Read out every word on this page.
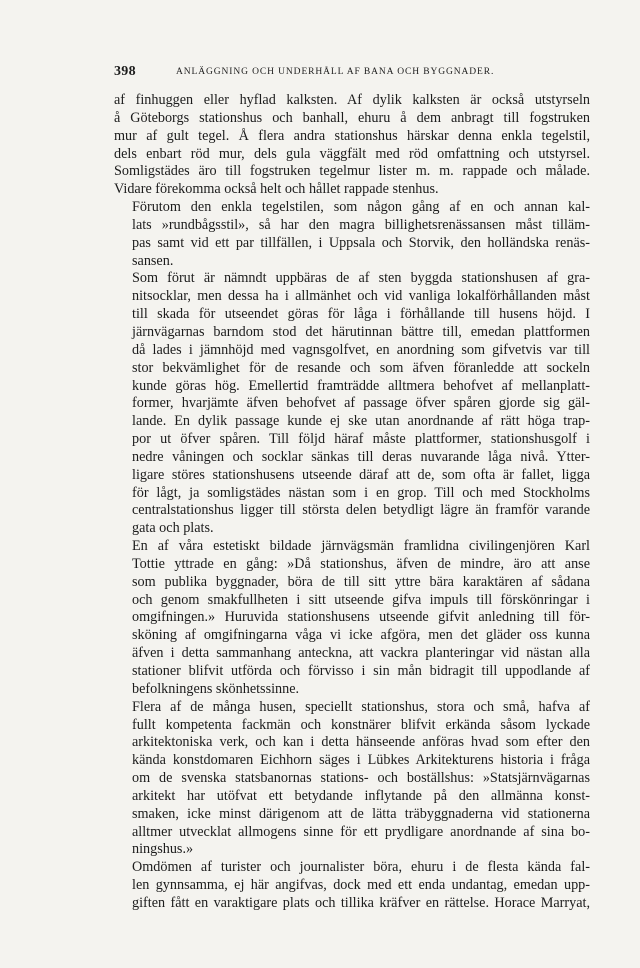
398	ANLÄGGNING OCH UNDERHÅLL AF BANA OCH BYGGNADER.

af finhuggen eller hyflad kalksten. Af dylik kalksten är också utstyrseln
å Göteborgs stationshus och banhall, ehuru å dem anbragt till fogstruken
mur af gult tegel. Å flera andra stationshus härskar denna enkla tegelstil,
dels enbart röd mur, dels gula väggfält med röd omfattning och utstyrsel.
Somligstädes äro till fogstruken tegelmur lister m. m. rappade och målade.
Vidare förekomma också helt och hållet rappade stenhus.

Förutom den enkla tegelstilen, som någon gång af en och annan kal-
lats »rundbågsstil», så har den magra billighetsrenässansen måst tilläm-
pas samt vid ett par tillfällen, i Uppsala och Storvik, den holländska renäs-
sansen.

Som förut är nämndt uppbäras de af sten byggda stationshusen af gra-
nitsocklar, men dessa ha i allmänhet och vid vanliga lokalförhållanden måst
till skada för utseendet göras för låga i förhållande till husens höjd. I
järnvägarnas barndom stod det härutinnan bättre till, emedan plattformen
då lades i jämnhöjd med vagnsgolfvet, en anordning som gifvetvis var till
stor bekvämlighet för de resande och som äfven föranledde att sockeln
kunde göras hög. Emellertid framträdde alltmera behofvet af mellanplatt-
former, hvarjämte äfven behofvet af passage öfver spåren gjorde sig gäl-
lande. En dylik passage kunde ej ske utan anordnande af rätt höga trap-
por ut öfver spåren. Till följd häraf måste plattformer, stationshusgolf i
nedre våningen och socklar sänkas till deras nuvarande låga nivå. Ytter-
ligare störes stationshusens utseende däraf att de, som ofta är fallet, ligga
för lågt, ja somligstädes nästan som i en grop. Till och med Stockholms
centralstationshus ligger till största delen betydligt lägre än framför varande
gata och plats.

En af våra estetiskt bildade järnvägsmän framlidna civilingenjören Karl
Tottie yttrade en gång: »Då stationshus, äfven de mindre, äro att anse
som publika byggnader, böra de till sitt yttre bära karaktären af sådana
och genom smakfullheten i sitt utseende gifva impuls till förskönringar i
omgifningen.» Huruvida stationshusens utseende gifvit anledning till för-
sköning af omgifningarna våga vi icke afgöra, men det gläder oss kunna
äfven i detta sammanhang anteckna, att vackra planteringar vid nästan alla
stationer blifvit utförda och förvisso i sin mån bidragit till uppodlande af
befolkningens skönhetssinne.

Flera af de många husen, speciellt stationshus, stora och små, hafva af
fullt kompetenta fackmän och konstnärer blifvit erkända såsom lyckade
arkitektoniska verk, och kan i detta hänseende anföras hvad som efter den
kända konstdomaren Eichhorn säges i Lübkes Arkitekturens historia i fråga
om de svenska statsbanornas stations- och boställshus: »Statsjärnvägarnas
arkitekt har utöfvat ett betydande inflytande på den allmänna konst-
smaken, icke minst därigenom att de lätta träbyggnaderna vid stationerna
alltmer utvecklat allmogens sinne för ett prydligare anordnande af sina bo-
ningshus.»

Omdömen af turister och journalister böra, ehuru i de flesta kända fal-
len gynnsamma, ej här angifvas, dock med ett enda undantag, emedan upp-
giften fått en varaktigare plats och tillika kräfver en rättelse. Horace Marryat,
